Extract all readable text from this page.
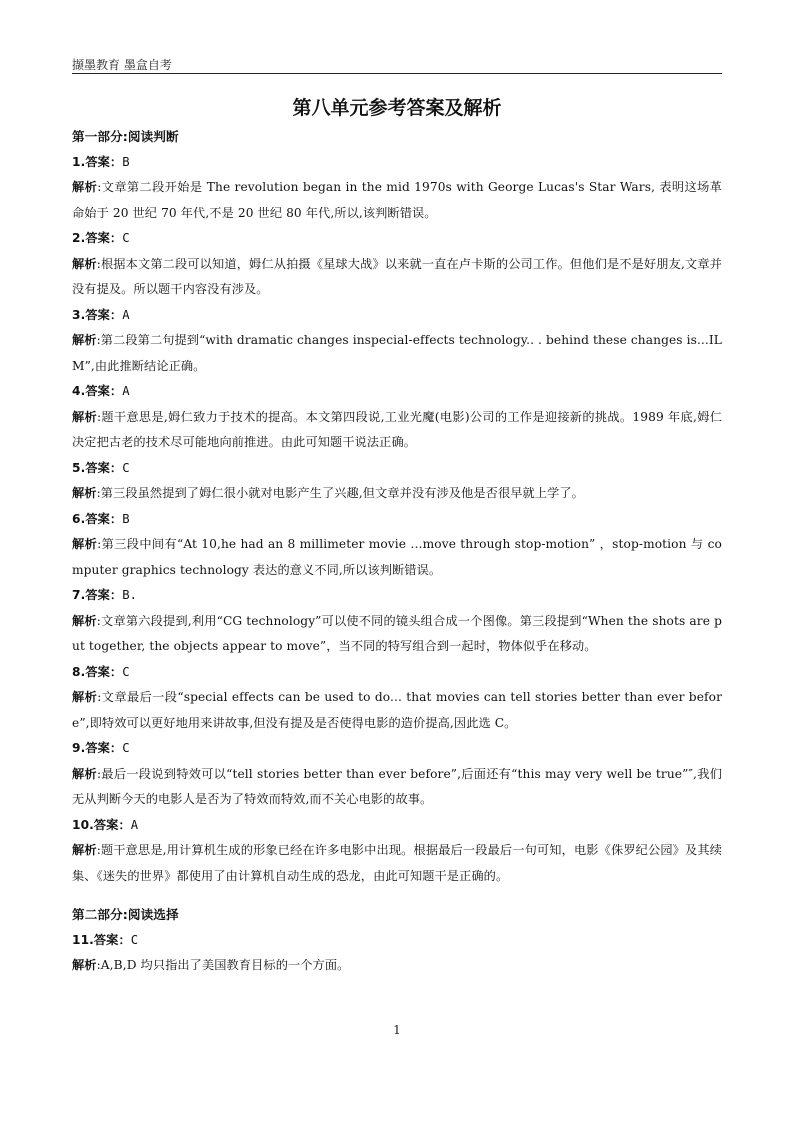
撷墨教育 墨盒自考
第八单元参考答案及解析

第一部分:阅读判断

1.答案：B

解析:文章第二段开始是 The revolution began in the mid 1970s with George Lucas's Star Wars, 表明这场革命始于 20 世纪 70 年代,不是 20 世纪 80 年代,所以,该判断错误。

2.答案：C

解析:根据本文第二段可以知道，姆仁从拍摄《星球大战》以来就一直在卢卡斯的公司工作。但他们是不是好朋友,文章并没有提及。所以题干内容没有涉及。

3.答案：A

解析:第二段第二句提到“with dramatic changes inspecial-effects technology.. . behind these changes is...ILM”,由此推断结论正确。

4.答案：A

解析:题干意思是,姆仁致力于技术的提高。本文第四段说,工业光魔(电影)公司的工作是迎接新的挑战。1989 年底,姆仁决定把古老的技术尽可能地向前推进。由此可知题干说法正确。

5.答案：C

解析:第三段虽然提到了姆仁很小就对电影产生了兴趣,但文章并没有涉及他是否很早就上学了。

6.答案：B

解析:第三段中间有“At 10,he had an 8 millimeter movie …move through stop-motion” ，stop-motion 与 computer graphics technology 表达的意义不同,所以该判断错误。

7.答案：B.

解析:文章第六段提到,利用“CG technology”可以使不同的镜头组合成一个图像。第三段提到“When the shots are put together, the objects appear to move”，当不同的特写组合到一起时，物体似乎在移动。

8.答案：C

解析:文章最后一段“special effects can be used to do... that movies can tell stories better than ever before”,即特效可以更好地用来讲故事,但没有提及是否使得电影的造价提高,因此选 C。

9.答案：C

解析:最后一段说到特效可以“tell stories better than ever before”,后面还有“this may very well be true”″,我们无从判断今天的电影人是否为了特效而特效,而不关心电影的故事。

10.答案：A

解析:题干意思是,用计算机生成的形象已经在许多电影中出现。根据最后一段最后一句可知，电影《侏罗纪公园》及其续集、《迷失的世界》都使用了由计算机自动生成的恐龙，由此可知题干是正确的。

第二部分:阅读选择

11.答案：C

解析:A,B,D 均只指出了美国教育目标的一个方面。

1
